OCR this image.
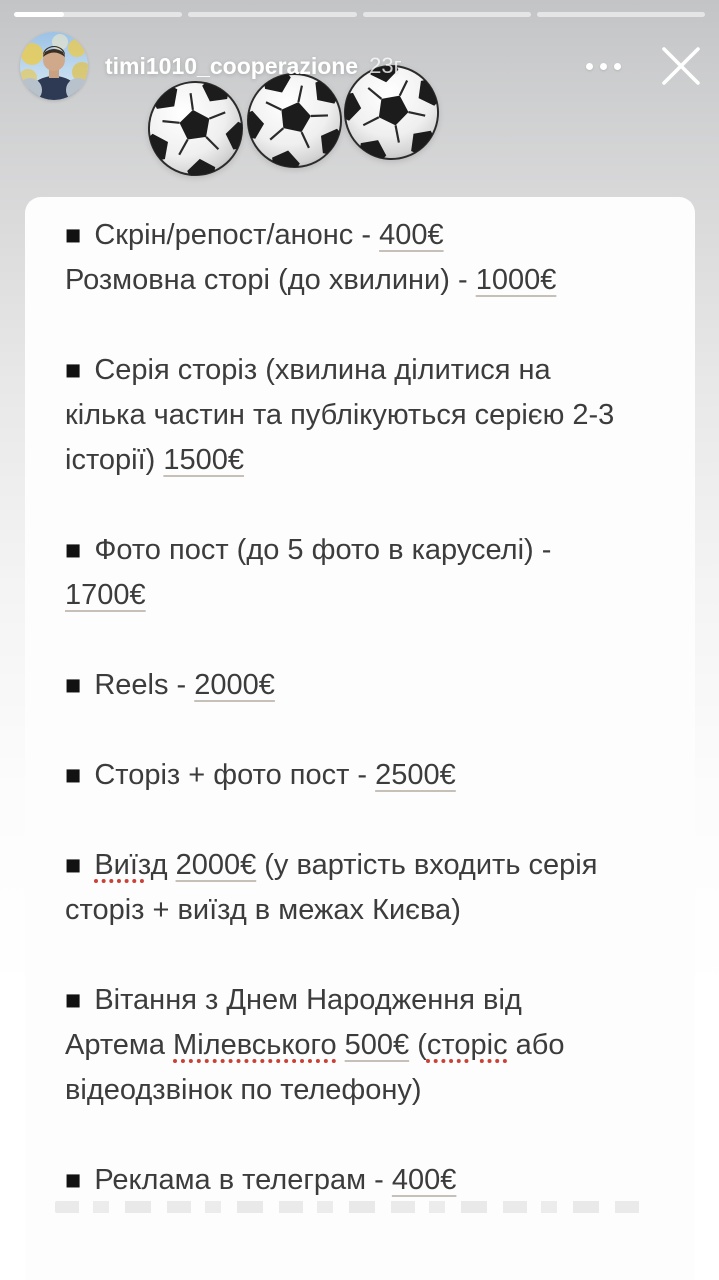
timi1010_cooperazione 23г
■ Скрін/репост/анонс - 400€
Розмовна сторі (до хвилини) - 1000€
■ Серія сторіз (хвилина ділитися на
кілька частин та публікуються серією 2-3
історії) 1500€
■ Фото пост (до 5 фото в каруселі) -
1700€
■ Reels - 2000€
■ Сторіз + фото пост - 2500€
■ Виїзд 2000€ (у вартість входить серія
сторіз + виїзд в межах Києва)
■ Вітання з Днем Народження від
Артема Мілевського 500€ (сторіс або
відеодзвінок по телефону)
■ Реклама в телеграм - 400€
